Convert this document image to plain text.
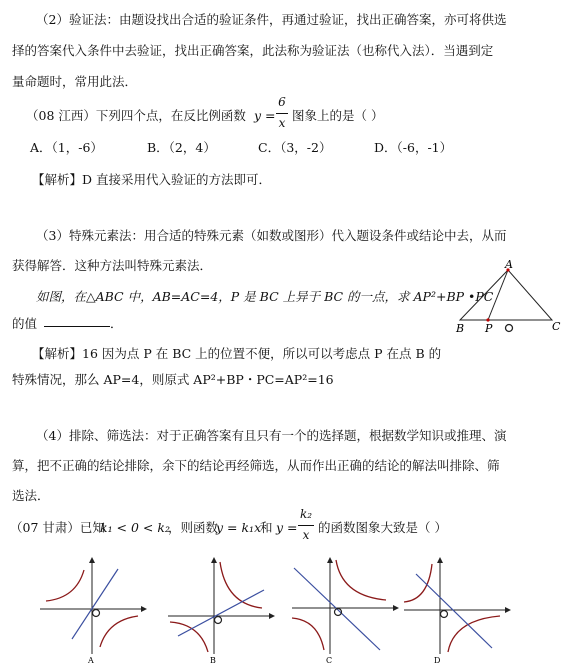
（2）验证法：由题设找出合适的验证条件，再通过验证，找出正确答案，亦可将供选
择的答案代入条件中去验证，找出正确答案，此法称为验证法（也称代入法）．当遇到定
量命题时，常用此法．
（08 江西）下列四个点，在反比例函数 y =
6
x 图象上的是（ ）
A．（1，-6）	B．（2，4）	C．（3，-2）	D．（-6，-1）
【解析】D 直接采用代入验证的方法即可．
（3）特殊元素法：用合适的特殊元素（如数或图形）代入题设条件或结论中去，从而
获得解答．这种方法叫特殊元素法．
如图，在△ABC 中，AB=AC=4，P 是 BC 上异于 BC 的一点，求 AP²+BP •PC
的值	．
【解析】16 因为点 P 在 BC 上的位置不便，所以可以考虑点 P 在点 B 的
特殊情况，那么 AP=4，则原式 AP²+BP・PC=AP²=16
A
B P	C
（4）排除、筛选法：对于正确答案有且只有一个的选择题，根据数学知识或推理、演
算，把不正确的结论排除，余下的结论再经筛选，从而作出正确的结论的解法叫排除、筛
选法．
（07 甘肃）已知
k₁ < 0 < k₂
，则函数
y = k₁x
和 y =
k₂
x 的函数图象大致是（ ）
A	B	C	D
